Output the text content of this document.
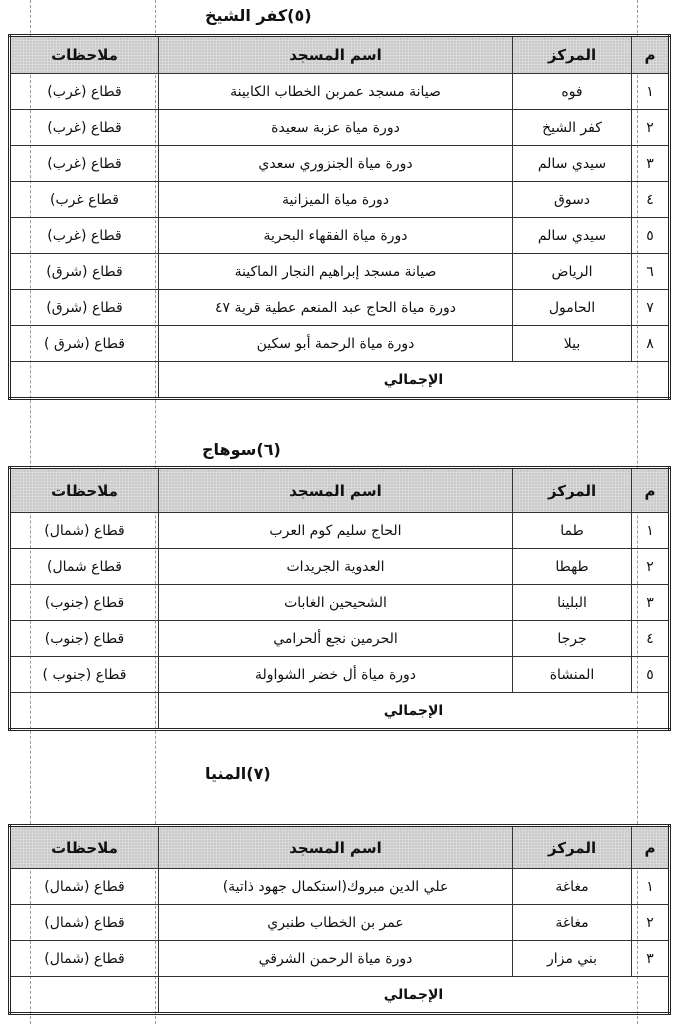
(٥)كفر الشيخ
م	المركز	اسم المسجد	ملاحظات
١	فوه	صيانة مسجد عمربن الخطاب الكابينة	قطاع (غرب)
٢	كفر الشيخ	دورة مياة عزبة سعيدة	قطاع (غرب)
٣	سيدي سالم	دورة مياة الجنزوري سعدي	قطاع (غرب)
٤	دسوق	دورة مياة الميزانية	قطاع غرب)
٥	سيدي سالم	دورة مياة الفقهاء البحرية	قطاع (غرب)
٦	الرياض	صيانة مسجد إبراهيم النجار الماكينة	قطاع (شرق)
٧	الحامول	دورة مياة الحاج عبد المنعم عطية قرية ٤٧	قطاع (شرق)
٨	بيلا	دورة مياة الرحمة أبو سكين	قطاع (شرق )
الإجمالي			
(٦)سوهاج
م	المركز	اسم المسجد	ملاحظات
١	طما	الحاج سليم كوم العرب	قطاع (شمال)
٢	طهطا	العدوية الجريدات	قطاع شمال)
٣	البلينا	الشحيحين الغابات	قطاع (جنوب)
٤	جرجا	الحرمين نجع ألحرامي	قطاع (جنوب)
٥	المنشاة	دورة مياة أل خضر الشواولة	قطاع (جنوب )
الإجمالي			
(٧)المنيا
م	المركز	اسم المسجد	ملاحظات
١	مغاغة	علي الدين مبروك(استكمال جهود ذاتية)	قطاع (شمال)
٢	مغاغة	عمر بن الخطاب طنبري	قطاع (شمال)
٣	بني مزار	دورة مياة الرحمن الشرقي	قطاع (شمال)
الإجمالي			
